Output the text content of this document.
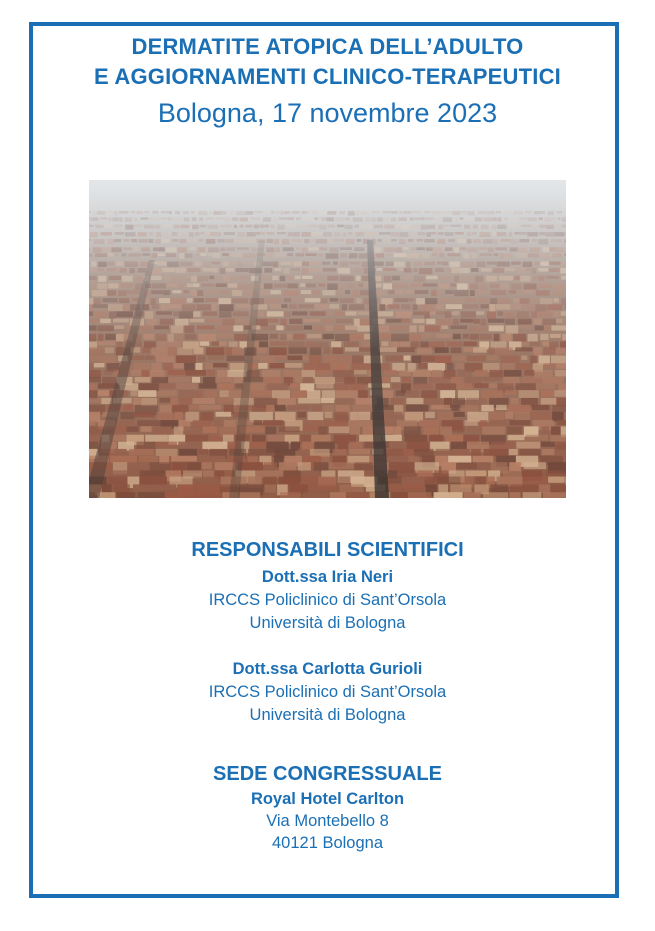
DERMATITE ATOPICA DELL’ADULTO
E AGGIORNAMENTI CLINICO-TERAPEUTICI
Bologna, 17 novembre 2023
RESPONSABILI SCIENTIFICI
Dott.ssa Iria Neri
IRCCS Policlinico di Sant’Orsola
Università di Bologna
Dott.ssa Carlotta Gurioli
IRCCS Policlinico di Sant’Orsola
Università di Bologna
SEDE CONGRESSUALE
Royal Hotel Carlton
Via Montebello 8
40121 Bologna
